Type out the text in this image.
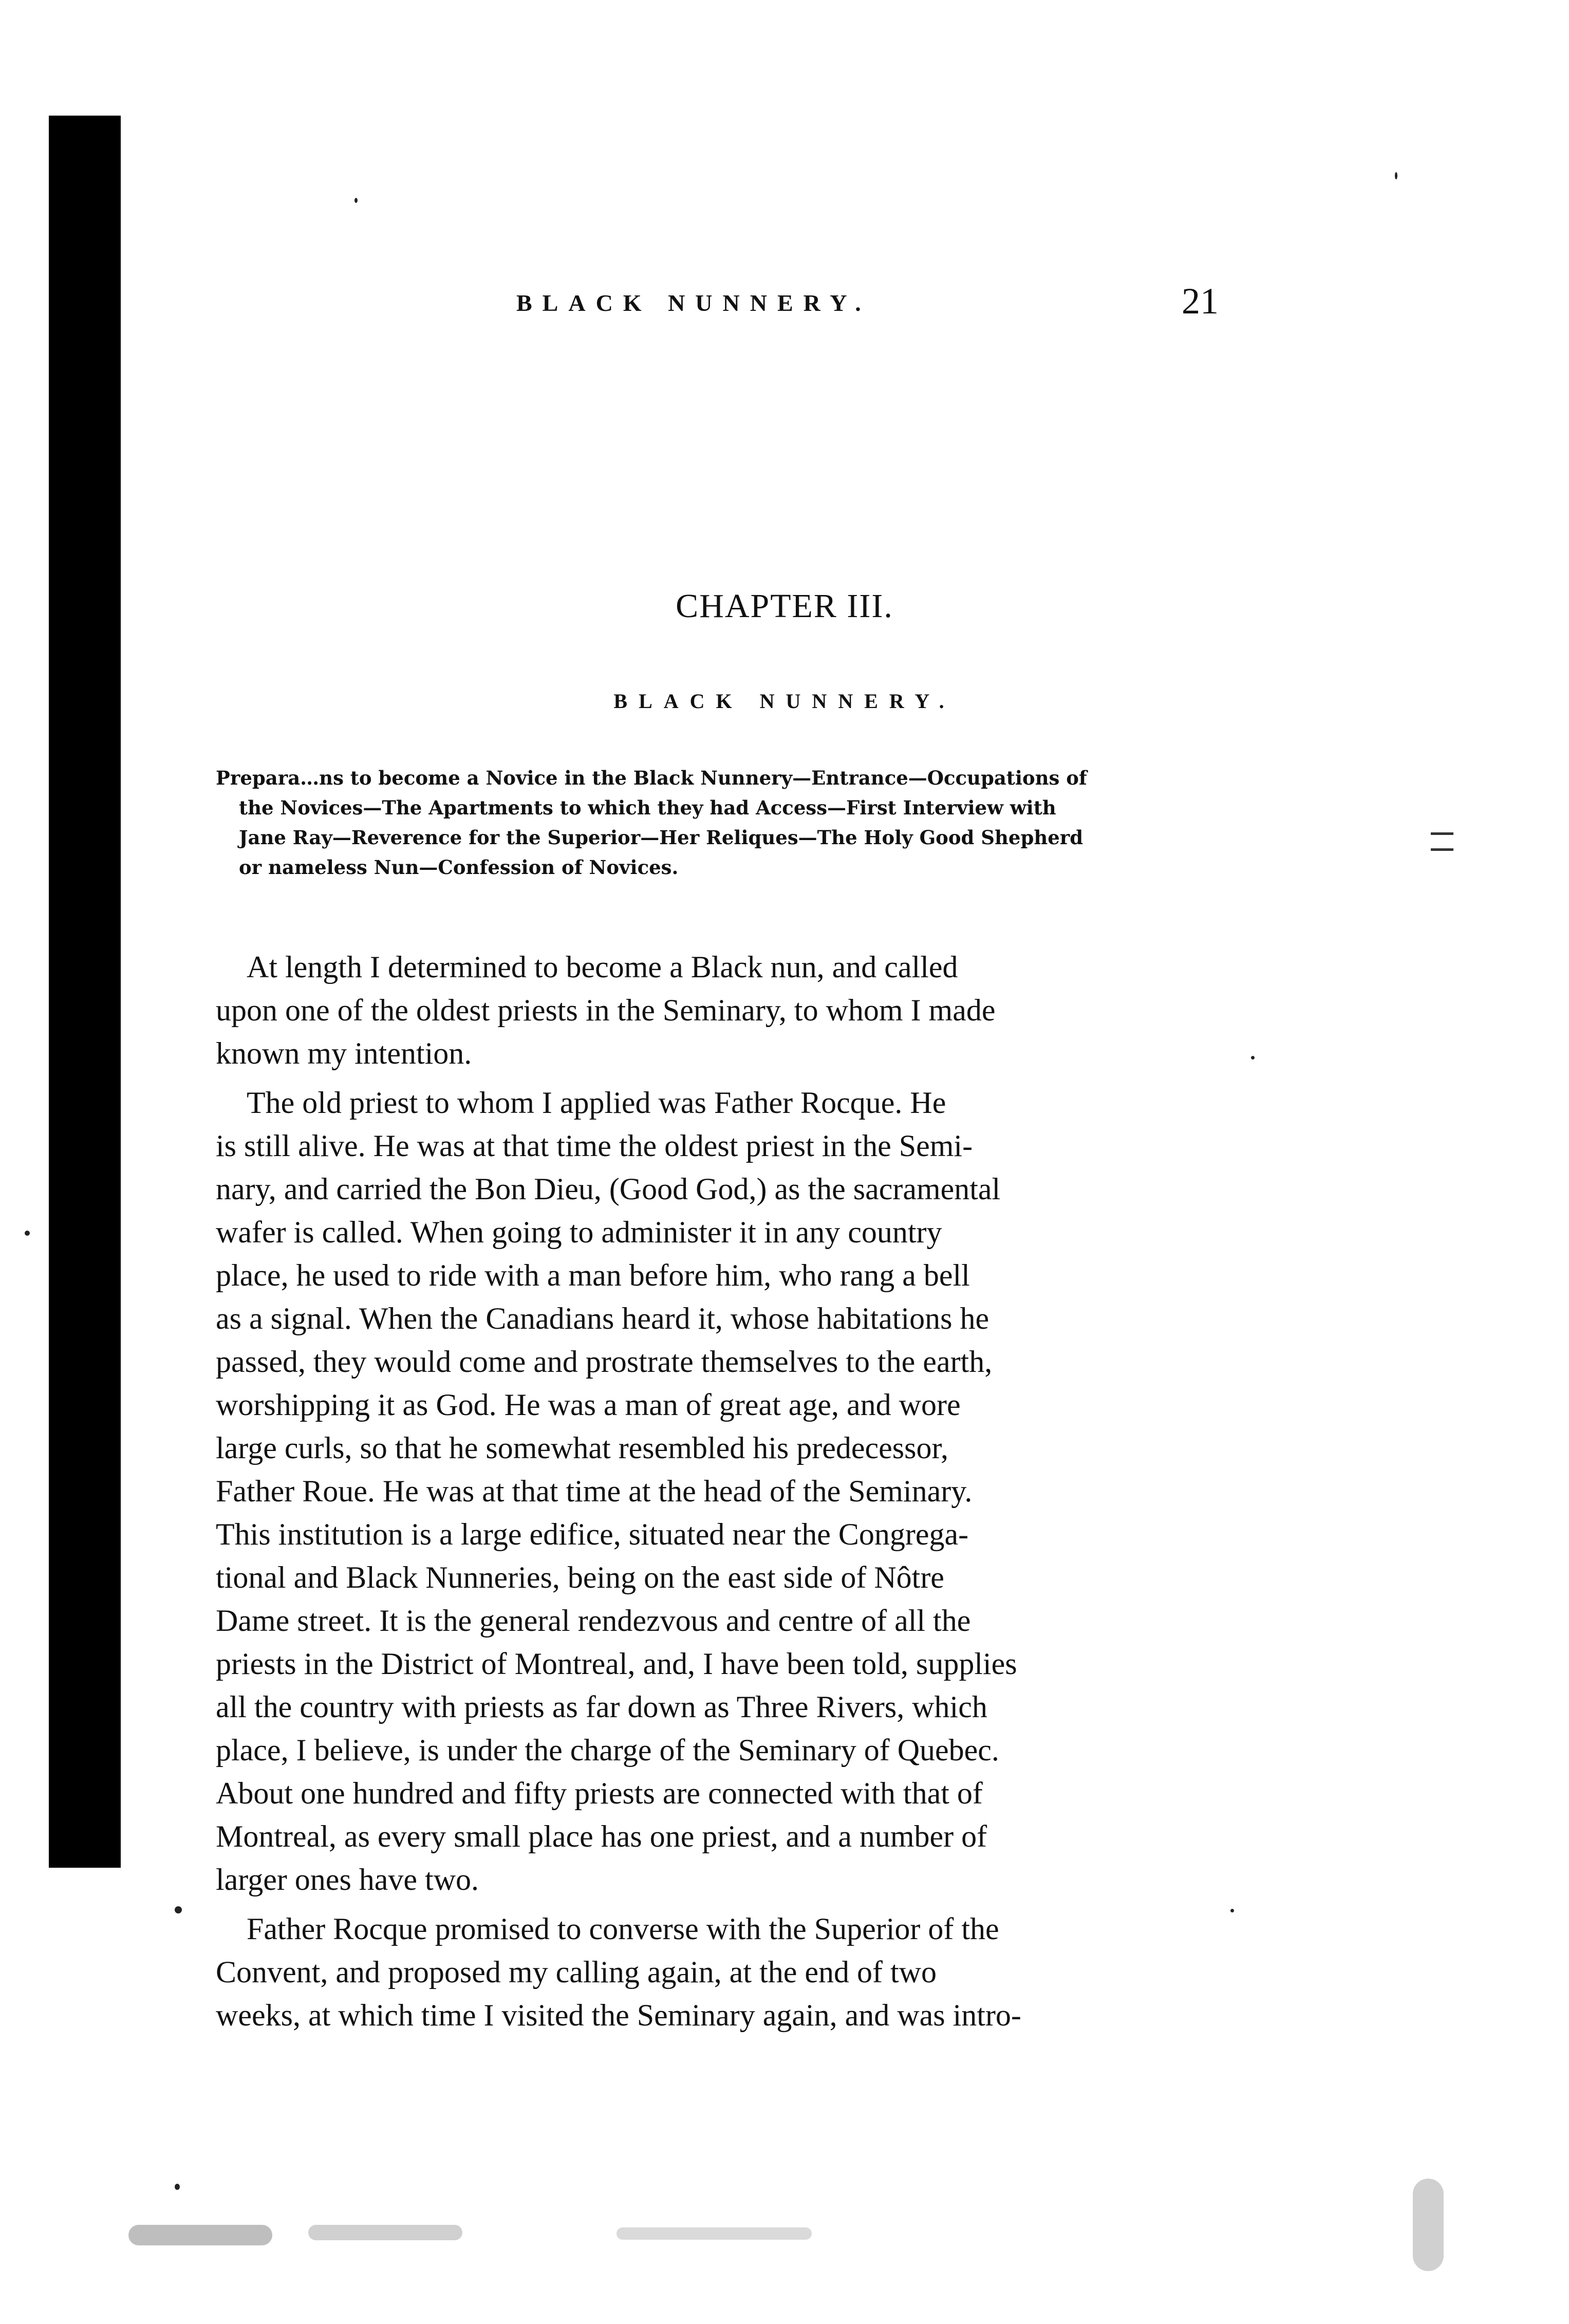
BLACK NUNNERY.	21
CHAPTER III.
BLACK NUNNERY.
Prepara…ns to become a Novice in the Black Nunnery—Entrance—Occupations of
the Novices—The Apartments to which they had Access—First Interview with
Jane Ray—Reverence for the Superior—Her Reliques—The Holy Good Shepherd
or nameless Nun—Confession of Novices.
At length I determined to become a Black nun, and called
upon one of the oldest priests in the Seminary, to whom I made
known my intention.
The old priest to whom I applied was Father Rocque. He
is still alive. He was at that time the oldest priest in the Semi-
nary, and carried the Bon Dieu, (Good God,) as the sacramental
wafer is called. When going to administer it in any country
place, he used to ride with a man before him, who rang a bell
as a signal. When the Canadians heard it, whose habitations he
passed, they would come and prostrate themselves to the earth,
worshipping it as God. He was a man of great age, and wore
large curls, so that he somewhat resembled his predecessor,
Father Roue. He was at that time at the head of the Seminary.
This institution is a large edifice, situated near the Congrega-
tional and Black Nunneries, being on the east side of Nôtre
Dame street. It is the general rendezvous and centre of all the
priests in the District of Montreal, and, I have been told, supplies
all the country with priests as far down as Three Rivers, which
place, I believe, is under the charge of the Seminary of Quebec.
About one hundred and fifty priests are connected with that of
Montreal, as every small place has one priest, and a number of
larger ones have two.
Father Rocque promised to converse with the Superior of the
Convent, and proposed my calling again, at the end of two
weeks, at which time I visited the Seminary again, and was intro-
